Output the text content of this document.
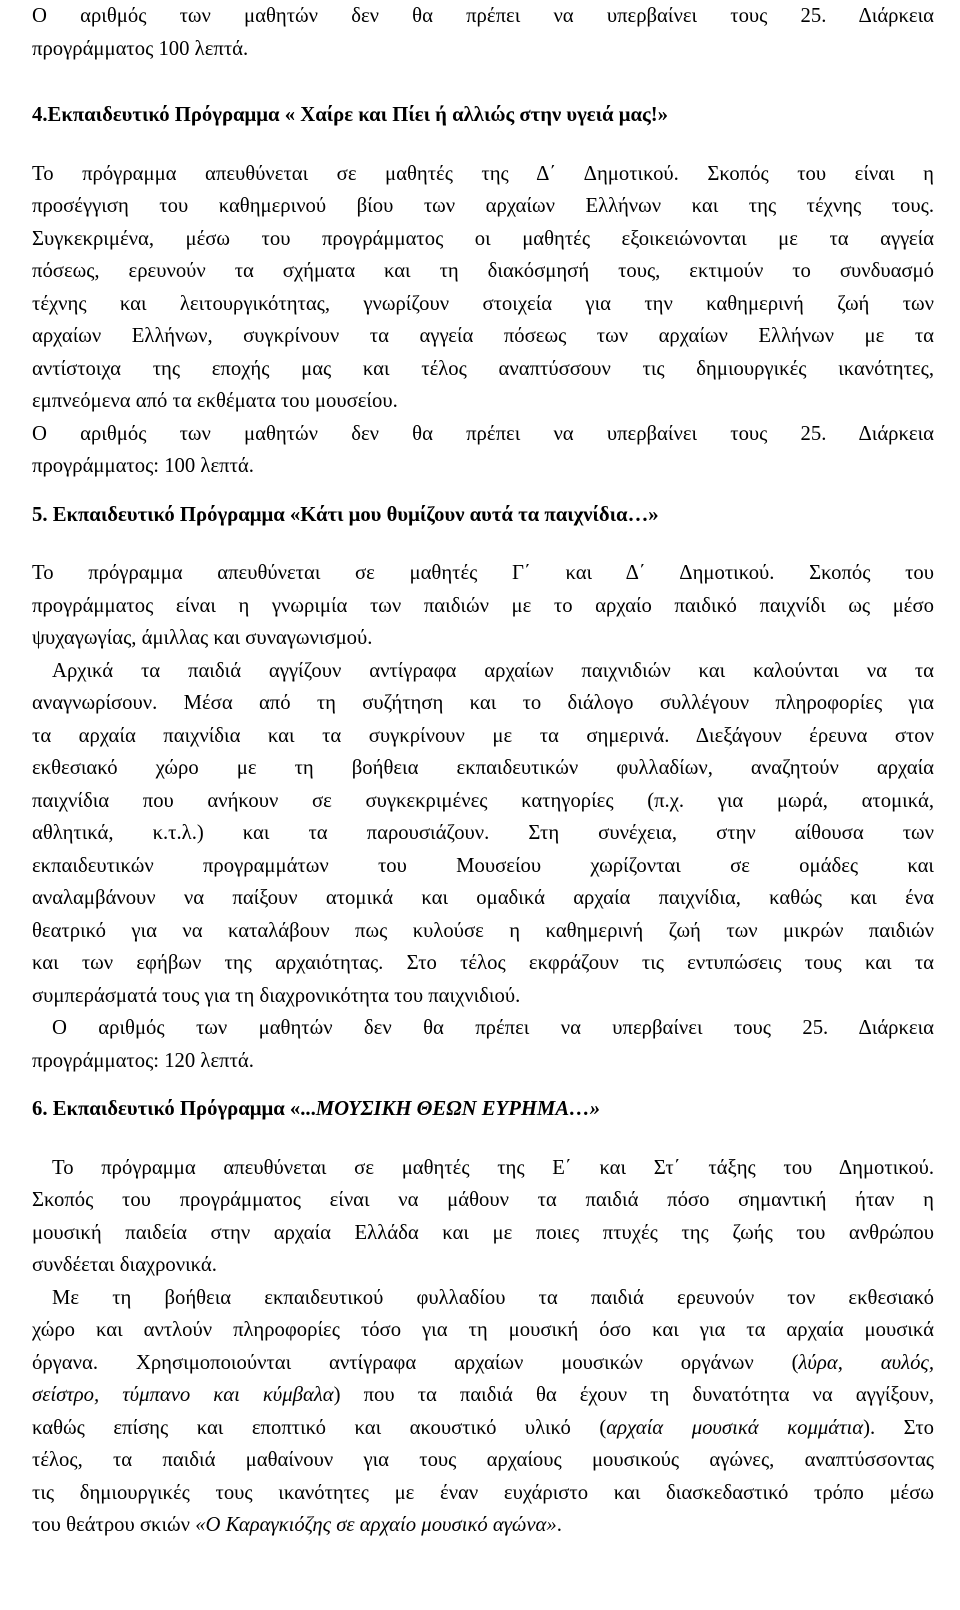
Ο αριθμός των μαθητών δεν θα πρέπει να υπερβαίνει τους 25. Διάρκεια
προγράμματος 100 λεπτά.
4.Εκπαιδευτικό Πρόγραμμα « Χαίρε και Πίει ή αλλιώς στην υγειά μας!»
Το πρόγραμμα απευθύνεται σε μαθητές της Δ΄ Δημοτικού. Σκοπός του είναι η
προσέγγιση του καθημερινού βίου των αρχαίων Ελλήνων και της τέχνης τους.
Συγκεκριμένα, μέσω του προγράμματος οι μαθητές εξοικειώνονται με τα αγγεία
πόσεως, ερευνούν τα σχήματα και τη διακόσμησή τους, εκτιμούν το συνδυασμό
τέχνης και λειτουργικότητας, γνωρίζουν στοιχεία για την καθημερινή ζωή των
αρχαίων Ελλήνων, συγκρίνουν τα αγγεία πόσεως των αρχαίων Ελλήνων με τα
αντίστοιχα της εποχής μας και τέλος αναπτύσσουν τις δημιουργικές ικανότητες,
εμπνεόμενα από τα εκθέματα του μουσείου.
Ο αριθμός των μαθητών δεν θα πρέπει να υπερβαίνει τους 25. Διάρκεια
προγράμματος: 100 λεπτά.
5. Εκπαιδευτικό Πρόγραμμα «Κάτι μου θυμίζουν αυτά τα παιχνίδια…»
Το πρόγραμμα απευθύνεται σε μαθητές Γ΄ και Δ΄ Δημοτικού. Σκοπός του
προγράμματος είναι η γνωριμία των παιδιών με το αρχαίο παιδικό παιχνίδι ως μέσο
ψυχαγωγίας, άμιλλας και συναγωνισμού.
Αρχικά τα παιδιά αγγίζουν αντίγραφα αρχαίων παιχνιδιών και καλούνται να τα
αναγνωρίσουν. Μέσα από τη συζήτηση και το διάλογο συλλέγουν πληροφορίες για
τα αρχαία παιχνίδια και τα συγκρίνουν με τα σημερινά. Διεξάγουν έρευνα στον
εκθεσιακό χώρο με τη βοήθεια εκπαιδευτικών φυλλαδίων, αναζητούν αρχαία
παιχνίδια που ανήκουν σε συγκεκριμένες κατηγορίες (π.χ. για μωρά, ατομικά,
αθλητικά, κ.τ.λ.) και τα παρουσιάζουν. Στη συνέχεια, στην αίθουσα των
εκπαιδευτικών προγραμμάτων του Μουσείου χωρίζονται σε ομάδες και
αναλαμβάνουν να παίξουν ατομικά και ομαδικά αρχαία παιχνίδια, καθώς και ένα
θεατρικό για να καταλάβουν πως κυλούσε η καθημερινή ζωή των μικρών παιδιών
και των εφήβων της αρχαιότητας. Στο τέλος εκφράζουν τις εντυπώσεις τους και τα
συμπεράσματά τους για τη διαχρονικότητα του παιχνιδιού.
Ο αριθμός των μαθητών δεν θα πρέπει να υπερβαίνει τους 25. Διάρκεια
προγράμματος: 120 λεπτά.
6. Εκπαιδευτικό Πρόγραμμα «...ΜΟΥΣΙΚΗ ΘΕΩΝ ΕΥΡΗΜΑ…»
Το πρόγραμμα απευθύνεται σε μαθητές της Ε΄ και Στ΄ τάξης του Δημοτικού.
Σκοπός του προγράμματος είναι να μάθουν τα παιδιά πόσο σημαντική ήταν η
μουσική παιδεία στην αρχαία Ελλάδα και με ποιες πτυχές της ζωής του ανθρώπου
συνδέεται διαχρονικά.
Με τη βοήθεια εκπαιδευτικού φυλλαδίου τα παιδιά ερευνούν τον εκθεσιακό
χώρο και αντλούν πληροφορίες τόσο για τη μουσική όσο και για τα αρχαία μουσικά
όργανα. Χρησιμοποιούνται αντίγραφα αρχαίων μουσικών οργάνων (λύρα, αυλός,
σείστρο, τύμπανο και κύμβαλα) που τα παιδιά θα έχουν τη δυνατότητα να αγγίξουν,
καθώς επίσης και εποπτικό και ακουστικό υλικό (αρχαία μουσικά κομμάτια). Στο
τέλος, τα παιδιά μαθαίνουν για τους αρχαίους μουσικούς αγώνες, αναπτύσσοντας
τις δημιουργικές τους ικανότητες με έναν ευχάριστο και διασκεδαστικό τρόπο μέσω
του θεάτρου σκιών «Ο Καραγκιόζης σε αρχαίο μουσικό αγώνα».
